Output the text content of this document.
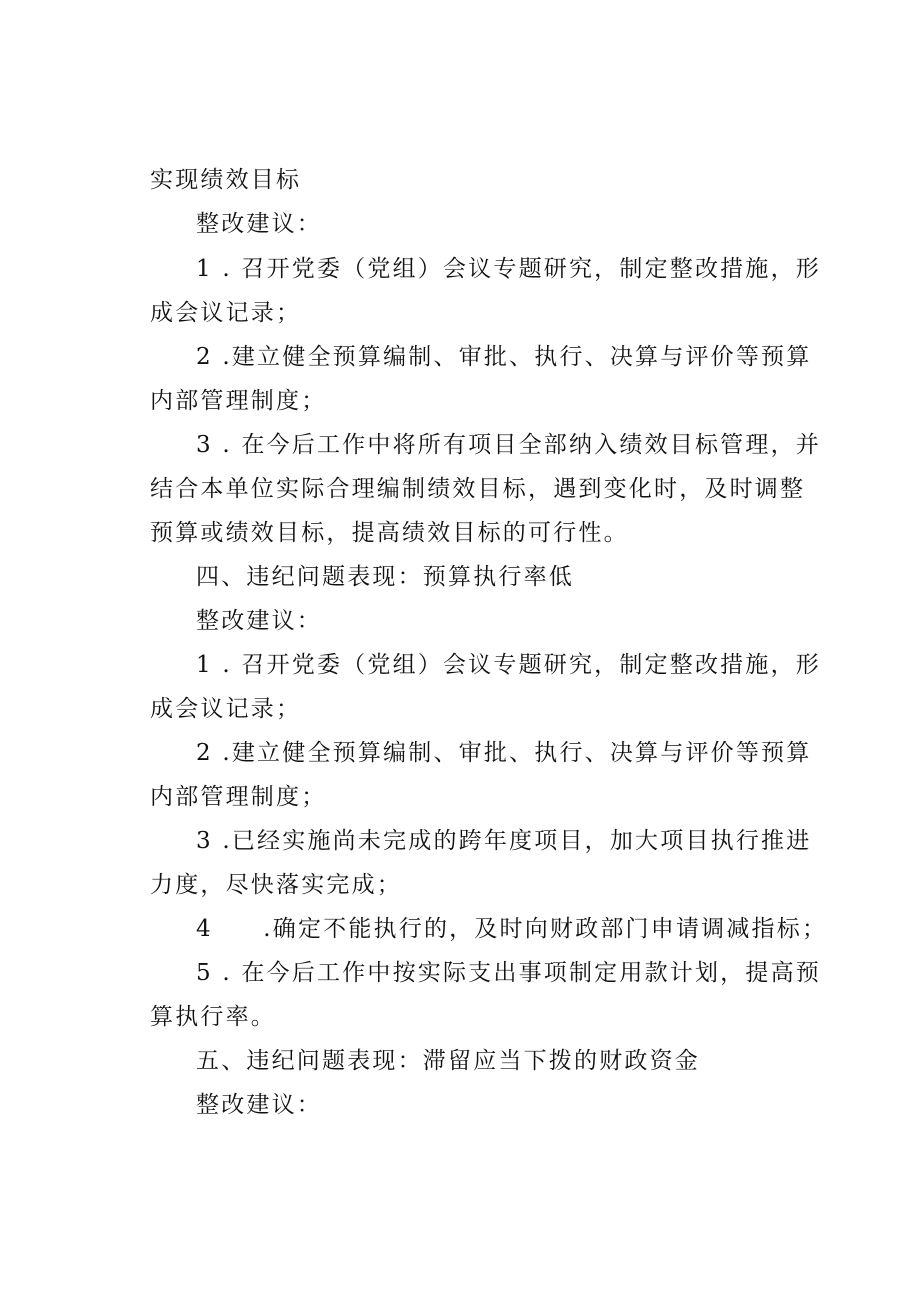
实现绩效目标
整改建议：
1 . 召开党委（党组）会议专题研究，制定整改措施，形
成会议记录；
2 .建立健全预算编制、审批、执行、决算与评价等预算
内部管理制度；
3 . 在今后工作中将所有项目全部纳入绩效目标管理，并
结合本单位实际合理编制绩效目标，遇到变化时，及时调整
预算或绩效目标，提高绩效目标的可行性。
四、违纪问题表现：预算执行率低
整改建议：
1 . 召开党委（党组）会议专题研究，制定整改措施，形
成会议记录；
2 .建立健全预算编制、审批、执行、决算与评价等预算
内部管理制度；
3 .已经实施尚未完成的跨年度项目，加大项目执行推进
力度，尽快落实完成；
4　　.确定不能执行的，及时向财政部门申请调减指标；
5 . 在今后工作中按实际支出事项制定用款计划，提高预
算执行率。
五、违纪问题表现：滞留应当下拨的财政资金
整改建议：
